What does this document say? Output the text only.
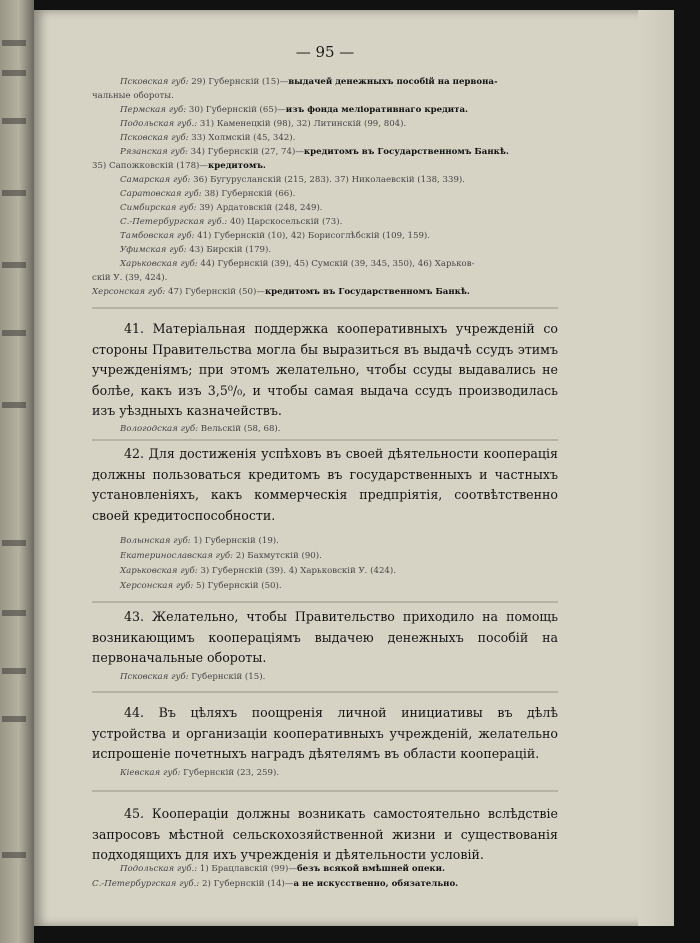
— 95 —
Псковская губ: 29) Губернскій (15)—выдачей денежныхъ пособій на первона-
чальные обороты.
Пермская губ: 30) Губернскій (65)—изъ фонда меліоративнаго кредита.
Подольская губ.: 31) Каменецкій (98), 32) Литинскій (99, 804).
Псковская губ: 33) Холмскій (45, 342).
Рязанская губ: 34) Губернскій (27, 74)—кредитомъ въ Государственномъ Банкѣ.
35) Сапожковскій (178)—кредитомъ.
Самарская губ: 36) Бугурусланскій (215, 283). 37) Николаевскій (138, 339).
Саратовская губ: 38) Губернскій (66).
Симбирская губ: 39) Ардатовскій (248, 249).
С.-Петербургская губ.: 40) Царскосельскій (73).
Тамбовская губ: 41) Губернскій (10), 42) Борисоглѣбскій (109, 159).
Уфимская губ: 43) Бирскій (179).
Харьковская губ: 44) Губернскій (39), 45) Сумскій (39, 345, 350), 46) Харьков-
скій У. (39, 424).
Херсонская губ: 47) Губернскій (50)—кредитомъ въ Государственномъ Банкѣ.
41. Матеріальная поддержка кооперативныхъ учрежденій со стороны Правительства могла бы выразиться въ выдачѣ ссудъ этимъ учрежденіямъ; при этомъ желательно, чтобы ссуды выдавались не болѣе, какъ изъ 3,5⁰/₀, и чтобы самая выдача ссудъ производилась изъ уѣздныхъ казначействъ.
Вологодская губ: Вельскій (58, 68).
42. Для достиженія успѣховъ въ своей дѣятельности кооперація должны пользоваться кредитомъ въ государственныхъ и частныхъ установленіяхъ, какъ коммерческія предпріятія, соотвѣтственно своей кредитоспособности.
Волынская губ: 1) Губернскій (19).
Екатеринославская губ: 2) Бахмутскій (90).
Харьковская губ: 3) Губернскій (39). 4) Харьковскій У. (424).
Херсонская губ: 5) Губернскій (50).
43. Желательно, чтобы Правительство приходило на помощь возникающимъ кооперацiямъ выдачею денежныхъ пособій на первоначальные обороты.
Псковская губ: Губернскій (15).
44. Въ цѣляхъ поощренія личной инициативы въ дѣлѣ устройства и организаціи кооперативныхъ учрежденій, желательно испрошеніе почетныхъ наградъ дѣятелямъ въ области кооперацій.
Кіевская губ: Губернскій (23, 259).
45. Кооперацiи должны возникать самостоятельно вслѣдствіе запросовъ мѣстной сельскохозяйственной жизни и существованія подходящихъ для ихъ учрежденія и дѣятельности условій.
Подольская губ.: 1) Брацлавскій (99)—безъ всякой вмѣшней опеки.
С.-Петербургская губ.: 2) Губернскій (14)—а не искусственно, обязательно.
